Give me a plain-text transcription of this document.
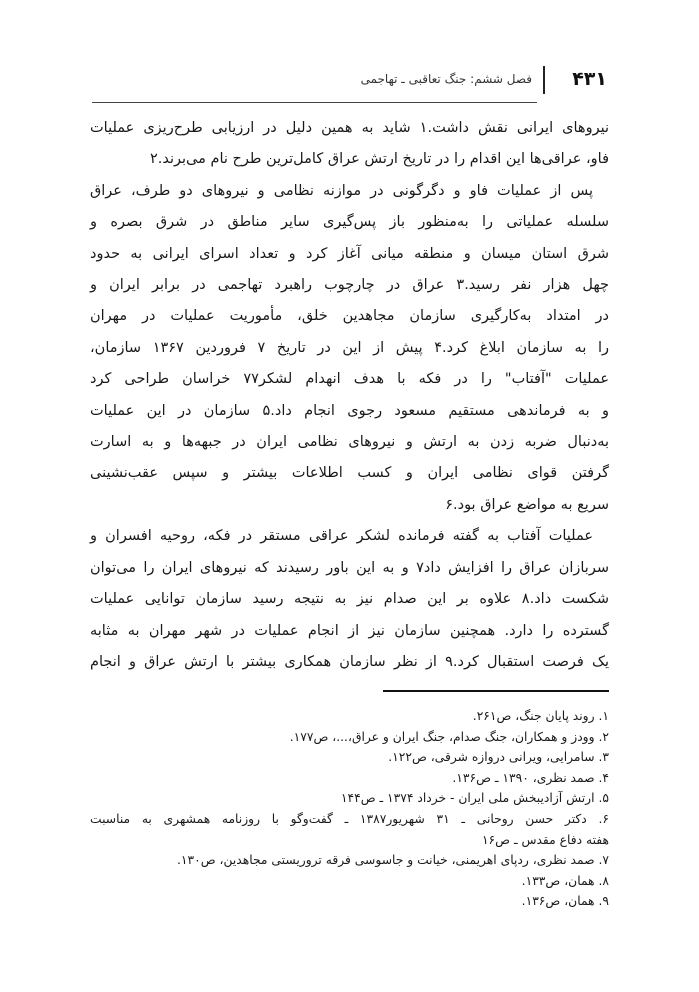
۴۳۱
فصل ششم: جنگ تعاقبی ـ تهاجمی

نیروهای ایرانی نقش داشت.۱ شاید به همین دلیل در ارزیابی طرح‌ریزی عملیات
فاو، عراقی‌ها این اقدام را در تاریخ ارتش عراق کامل‌ترین طرح نام می‌برند.۲

پس از عملیات فاو و دگرگونی در موازنه نظامی و نیروهای دو طرف، عراق
سلسله عملیاتی را به‌منظور باز پس‌گیری سایر مناطق در شرق بصره و
شرق استان میسان و منطقه میانی آغاز کرد و تعداد اسرای ایرانی به حدود
چهل هزار نفر رسید.۳ عراق در چارچوب راهبرد تهاجمی در برابر ایران و
در امتداد به‌کارگیری سازمان مجاهدین خلق، مأموریت عملیات در مهران
را به سازمان ابلاغ کرد.۴ پیش از این در تاریخ ۷ فروردین ۱۳۶۷ سازمان،
عملیات "آفتاب" را در فکه با هدف انهدام لشکر۷۷ خراسان طراحی کرد
و به فرماندهی مستقیم مسعود رجوی انجام داد.۵ سازمان در این عملیات
به‌دنبال ضربه زدن به ارتش و نیروهای نظامی ایران در جبهه‌ها و به اسارت
گرفتن قوای نظامی ایران و کسب اطلاعات بیشتر و سپس عقب‌نشینی
سریع به مواضع عراق بود.۶

عملیات آفتاب به گفته فرمانده لشکر عراقی مستقر در فکه، روحیه افسران و
سربازان عراق را افزایش داد۷ و به این باور رسیدند که نیروهای ایران را می‌توان
شکست داد.۸ علاوه بر این صدام نیز به نتیجه رسید سازمان توانایی عملیات
گسترده را دارد. همچنین سازمان نیز از انجام عملیات در شهر مهران به مثابه
یک فرصت استقبال کرد.۹ از نظر سازمان همکاری بیشتر با ارتش عراق و انجام

۱. روند پایان جنگ، ص۲۶۱.

۲. وودز و همکاران، جنگ صدام، جنگ ایران و عراق،...، ص۱۷۷.

۳. سامرایی، ویرانی دروازه شرقی، ص۱۲۲.

۴. صمد نظری، ۱۳۹۰ ـ ص۱۳۶.

۵. ارتش آزادیبخش ملی ایران - خرداد ۱۳۷۴ ـ ص۱۴۴

۶. دکتر حسن روحانی ـ ۳۱ شهریور۱۳۸۷ ـ گفت‌وگو با روزنامه همشهری به مناسبت
هفته دفاع مقدس ـ ص۱۶

۷. صمد نظری، ردپای اهریمنی، خیانت و جاسوسی فرقه تروریستی مجاهدین، ص۱۳۰.

۸. همان، ص۱۳۳.

۹. همان، ص۱۳۶.
